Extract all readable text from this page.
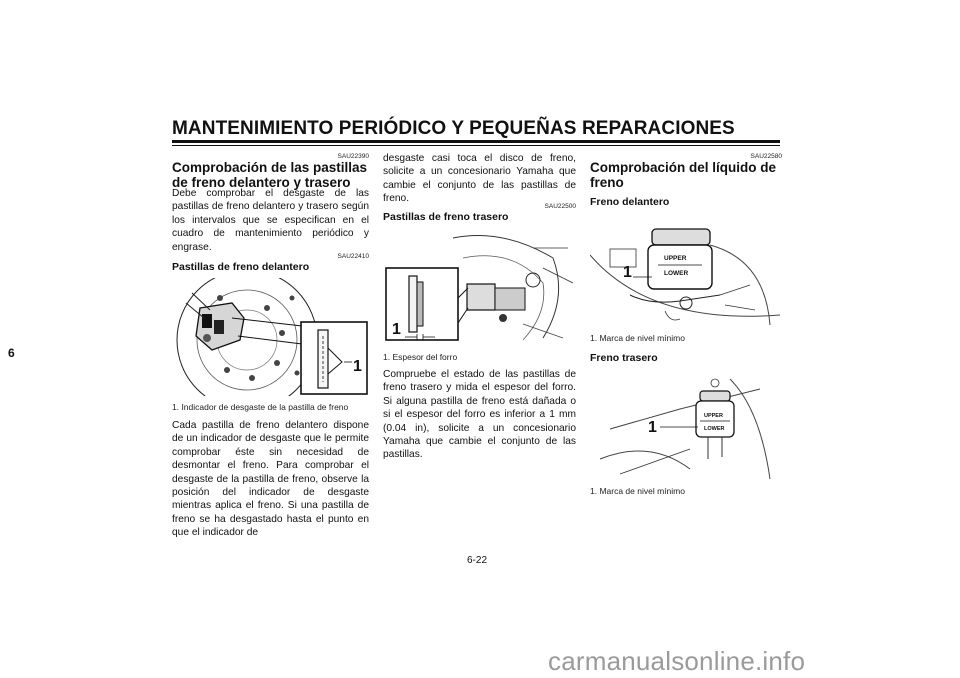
MANTENIMIENTO PERIÓDICO Y PEQUEÑAS REPARACIONES
6
SAU22390
Comprobación de las pastillas de freno delantero y trasero
Debe comprobar el desgaste de las pastillas de freno delantero y trasero según los intervalos que se especifican en el cuadro de mantenimiento periódico y engrase.
SAU22410
Pastillas de freno delantero
1
1. Indicador de desgaste de la pastilla de freno
Cada pastilla de freno delantero dispone de un indicador de desgaste que le permite comprobar éste sin necesidad de desmontar el freno. Para comprobar el desgaste de la pastilla de freno, observe la posición del indicador de desgaste mientras aplica el freno. Si una pastilla de freno se ha desgastado hasta el punto en que el indicador de
desgaste casi toca el disco de freno, solicite a un concesionario Yamaha que cambie el conjunto de las pastillas de freno.
SAU22500
Pastillas de freno trasero
1
1. Espesor del forro
Compruebe el estado de las pastillas de freno trasero y mida el espesor del forro. Si alguna pastilla de freno está dañada o si el espesor del forro es inferior a 1 mm (0.04 in), solicite a un concesionario Yamaha que cambie el conjunto de las pastillas.
SAU22580
Comprobación del líquido de freno
Freno delantero
UPPER
LOWER
1
1. Marca de nivel mínimo
Freno trasero
UPPER
LOWER
1
1. Marca de nivel mínimo
6-22
carmanualsonline.info
